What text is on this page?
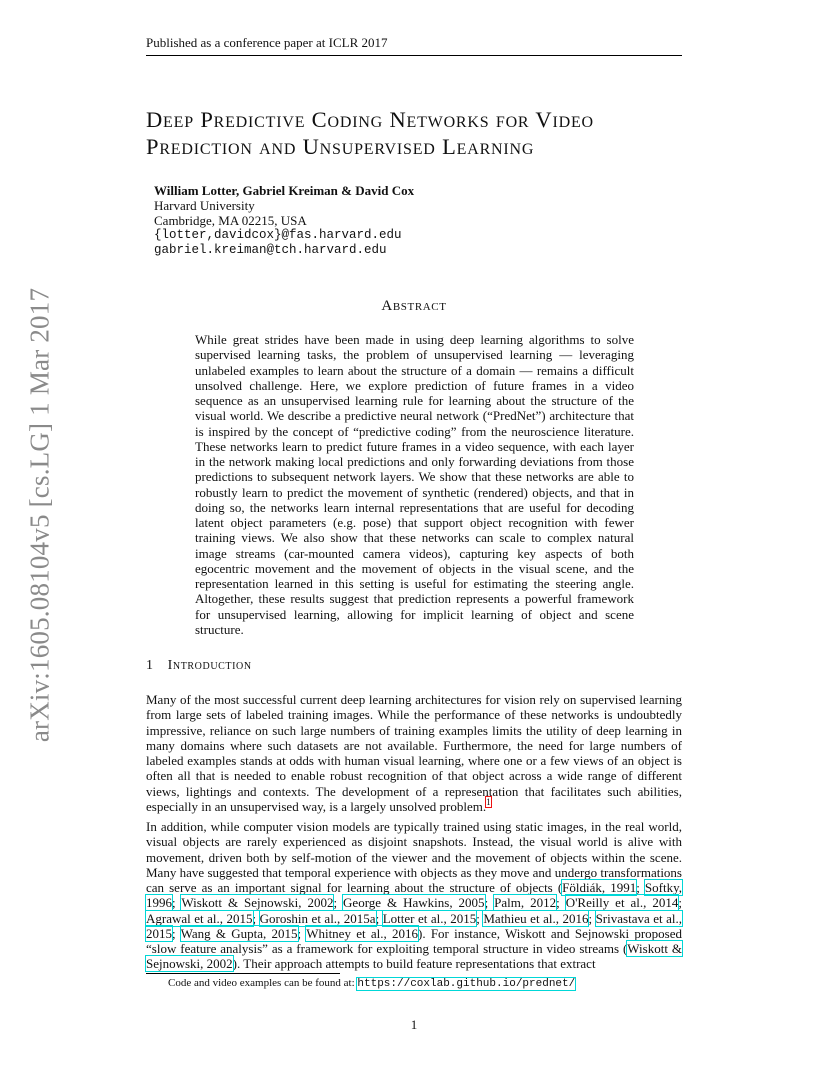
Published as a conference paper at ICLR 2017
arXiv:1605.08104v5 [cs.LG] 1 Mar 2017
Deep Predictive Coding Networks for Video
Prediction and Unsupervised Learning
William Lotter, Gabriel Kreiman & David Cox
Harvard University
Cambridge, MA 02215, USA
{lotter,davidcox}@fas.harvard.edu
gabriel.kreiman@tch.harvard.edu
Abstract
While great strides have been made in using deep learning algorithms to solve supervised learning tasks, the problem of unsupervised learning — leveraging unlabeled examples to learn about the structure of a domain — remains a difficult unsolved challenge. Here, we explore prediction of future frames in a video sequence as an unsupervised learning rule for learning about the structure of the visual world. We describe a predictive neural network (“PredNet”) architecture that is inspired by the concept of “predictive coding” from the neuroscience literature. These networks learn to predict future frames in a video sequence, with each layer in the network making local predictions and only forwarding deviations from those predictions to subsequent network layers. We show that these networks are able to robustly learn to predict the movement of synthetic (rendered) objects, and that in doing so, the networks learn internal representations that are useful for decoding latent object parameters (e.g. pose) that support object recognition with fewer training views. We also show that these networks can scale to complex natural image streams (car-mounted camera videos), capturing key aspects of both egocentric movement and the movement of objects in the visual scene, and the representation learned in this setting is useful for estimating the steering angle. Altogether, these results suggest that prediction represents a powerful framework for unsupervised learning, allowing for implicit learning of object and scene structure.
1 Introduction
Many of the most successful current deep learning architectures for vision rely on supervised learning from large sets of labeled training images. While the performance of these networks is undoubtedly impressive, reliance on such large numbers of training examples limits the utility of deep learning in many domains where such datasets are not available. Furthermore, the need for large numbers of labeled examples stands at odds with human visual learning, where one or a few views of an object is often all that is needed to enable robust recognition of that object across a wide range of different views, lightings and contexts. The development of a representation that facilitates such abilities, especially in an unsupervised way, is a largely unsolved problem.$^1$
In addition, while computer vision models are typically trained using static images, in the real world, visual objects are rarely experienced as disjoint snapshots. Instead, the visual world is alive with movement, driven both by self-motion of the viewer and the movement of objects within the scene. Many have suggested that temporal experience with objects as they move and undergo transformations can serve as an important signal for learning about the structure of objects (Földiák, 1991; Softky, 1996; Wiskott & Sejnowski, 2002; George & Hawkins, 2005; Palm, 2012; O'Reilly et al., 2014; Agrawal et al., 2015; Goroshin et al., 2015a; Lotter et al., 2015; Mathieu et al., 2016; Srivastava et al., 2015; Wang & Gupta, 2015; Whitney et al., 2016). For instance, Wiskott and Sejnowski proposed “slow feature analysis” as a framework for exploiting temporal structure in video streams (Wiskott & Sejnowski, 2002). Their approach attempts to build feature representations that extract
Code and video examples can be found at: https://coxlab.github.io/prednet/
1
